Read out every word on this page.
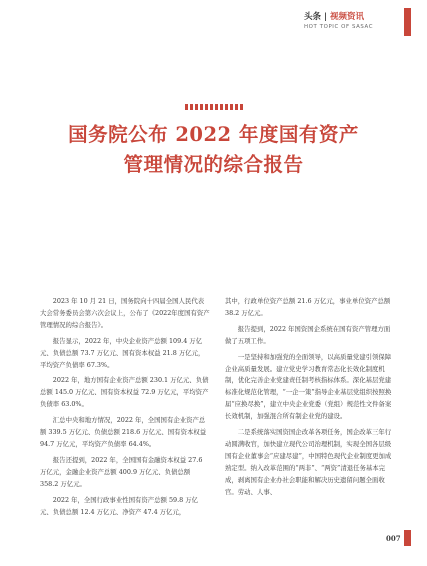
头条 | 视频资讯
HOT TOPIC OF SASAC
国务院公布 2022 年度国有资产
管理情况的综合报告

2023 年 10 月 21 日，国务院向十四届全国人民代表大会常务委员会第六次会议上，公布了《2022年度国有资产管理情况的综合报告》。

报告显示，2022 年，中央企业资产总额 109.4 万亿元、负债总额 73.7 万亿元、国有资本权益 21.8 万亿元，平均资产负债率 67.3%。

2022 年，地方国有企业资产总额 230.1 万亿元、负债总额 145.0 万亿元、国有资本权益 72.9 万亿元，平均资产负债率 63.0%。

汇总中央和地方情况，2022 年，全国国有企业资产总额 339.5 万亿元、负债总额 218.6 万亿元、国有资本权益 94.7 万亿元，平均资产负债率 64.4%。

报告还提到，2022 年，全国国有金融资本权益 27.6 万亿元，金融企业资产总额 400.9 万亿元、负债总额 358.2 万亿元。

2022 年，全国行政事业性国有资产总额 59.8 万亿元、负债总额 12.4 万亿元、净资产 47.4 万亿元，

其中，行政单位资产总额 21.6 万亿元，事业单位资产总额 38.2 万亿元。

报告提到，2022 年国资国企系统在国有资产管理方面做了五项工作。

一是坚持和加强党的全面领导，以高质量党建引领保障企业高质量发展。建立党史学习教育常态化长效化制度机制，优化完善企业党建责任制考核指标体系。深化基层党建标准化规范化管理，“一企一策”指导企业基层党组织按照换届“应换尽换”，建立中央企业党委（党组）规范性文件备案长效机制，加强混合所有制企业党的建设。

二是系统落实国资国企改革各项任务，国企改革三年行动圆满收官，加快建立现代公司治理机制，实现全国各层级国有企业董事会“应建尽建”，中国特色现代企业制度更加成熟定型。纳入改革范围的“两非”、“两资”清退任务基本完成，剥离国有企业办社会职能和解决历史遗留问题全面收官。劳动、人事、

007
